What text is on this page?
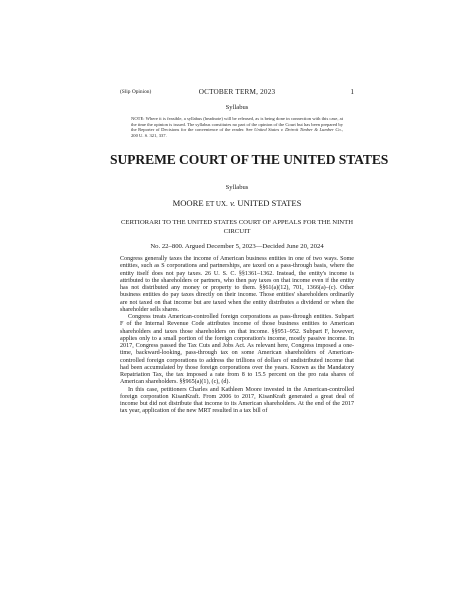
(Slip Opinion)	OCTOBER TERM, 2023	1
Syllabus
NOTE: Where it is feasible, a syllabus (headnote) will be released, as is being done in connection with this case, at the time the opinion is issued. The syllabus constitutes no part of the opinion of the Court but has been prepared by the Reporter of Decisions for the convenience of the reader. See United States v. Detroit Timber & Lumber Co., 200 U. S. 321, 337.
SUPREME COURT OF THE UNITED STATES
Syllabus
MOORE ET UX. v. UNITED STATES
CERTIORARI TO THE UNITED STATES COURT OF APPEALS FOR THE NINTH CIRCUIT
No. 22–800. Argued December 5, 2023—Decided June 20, 2024

Congress generally taxes the income of American business entities in one of two ways. Some entities, such as S corporations and partnerships, are taxed on a pass-through basis, where the entity itself does not pay taxes. 26 U. S. C. §§1361–1362. Instead, the entity's income is attributed to the shareholders or partners, who then pay taxes on that income even if the entity has not distributed any money or property to them. §§61(a)(12), 701, 1366(a)–(c). Other business entities do pay taxes directly on their income. Those entities' shareholders ordinarily are not taxed on that income but are taxed when the entity distributes a dividend or when the shareholder sells shares.

Congress treats American-controlled foreign corporations as pass-through entities. Subpart F of the Internal Revenue Code attributes income of those business entities to American shareholders and taxes those shareholders on that income. §§951–952. Subpart F, however, applies only to a small portion of the foreign corporation's income, mostly passive income. In 2017, Congress passed the Tax Cuts and Jobs Act. As relevant here, Congress imposed a one-time, backward-looking, pass-through tax on some American shareholders of American-controlled foreign corporations to address the trillions of dollars of undistributed income that had been accumulated by those foreign corporations over the years. Known as the Mandatory Repatriation Tax, the tax imposed a rate from 8 to 15.5 percent on the pro rata shares of American shareholders. §§965(a)(1), (c), (d).

In this case, petitioners Charles and Kathleen Moore invested in the American-controlled foreign corporation KisanKraft. From 2006 to 2017, KisanKraft generated a great deal of income but did not distribute that income to its American shareholders. At the end of the 2017 tax year, application of the new MRT resulted in a tax bill of
